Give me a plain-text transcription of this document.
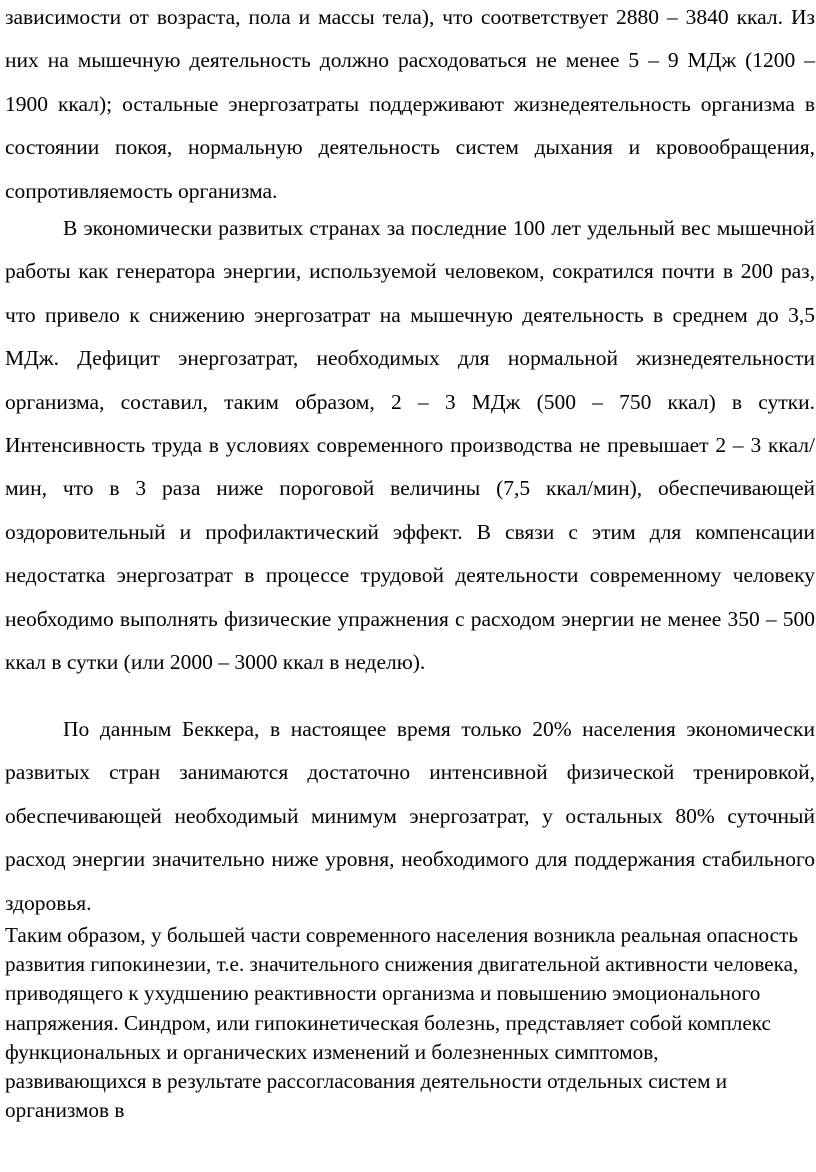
зависимости от возраста, пола и массы тела), что соответствует 2880 – 3840 ккал. Из них на мышечную деятельность должно расходоваться не менее 5 – 9 МДж (1200 – 1900 ккал); остальные энергозатраты поддерживают жизнедеятельность организма в состоянии покоя, нормальную деятельность систем дыхания и кровообращения, сопротивляемость организма.

В экономически развитых странах за последние 100 лет удельный вес мышечной работы как генератора энергии, используемой человеком, сократился почти в 200 раз, что привело к снижению энергозатрат на мышечную деятельность в среднем до 3,5 МДж. Дефицит энергозатрат, необходимых для нормальной жизнедеятельности организма, составил, таким образом, 2 – 3 МДж (500 – 750 ккал) в сутки. Интенсивность труда в условиях современного производства не превышает 2 – 3 ккал/мин, что в 3 раза ниже пороговой величины (7,5 ккал/мин), обеспечивающей оздоровительный и профилактический эффект. В связи с этим для компенсации недостатка энергозатрат в процессе трудовой деятельности современному человеку необходимо выполнять физические упражнения с расходом энергии не менее 350 – 500 ккал в сутки (или 2000 – 3000 ккал в неделю).

По данным Беккера, в настоящее время только 20% населения экономически развитых стран занимаются достаточно интенсивной физической тренировкой, обеспечивающей необходимый минимум энергозатрат, у остальных 80% суточный расход энергии значительно ниже уровня, необходимого для поддержания стабильного здоровья.

Таким образом, у большей части современного населения возникла реальная опасность развития гипокинезии, т.е. значительного снижения двигательной активности человека, приводящего к ухудшению реактивности организма и повышению эмоционального напряжения. Синдром, или гипокинетическая болезнь, представляет собой комплекс функциональных и органических изменений и болезненных симптомов, развивающихся в результате рассогласования деятельности отдельных систем и организмов в
